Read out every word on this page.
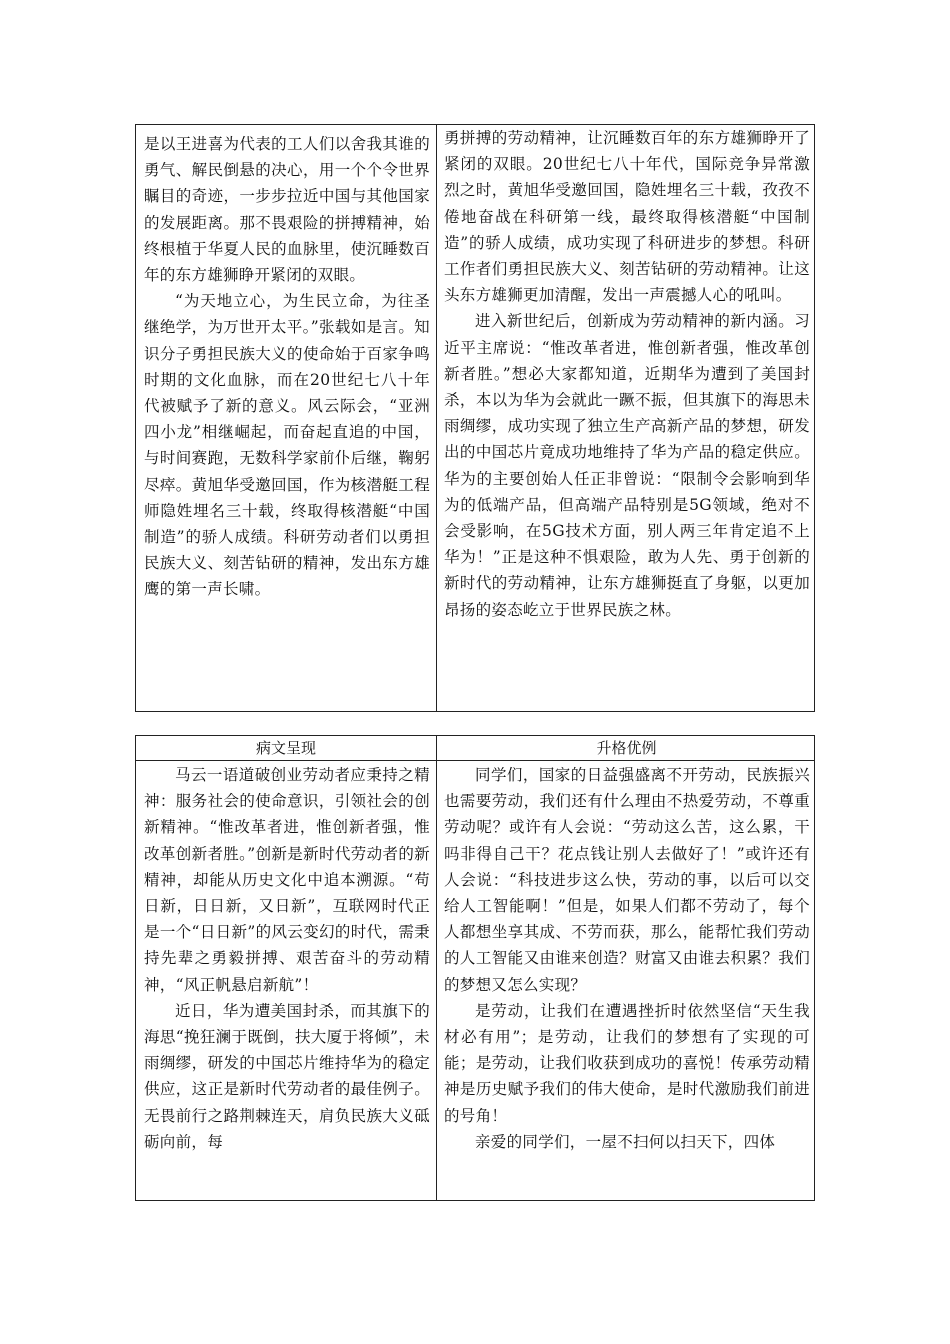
是以王进喜为代表的工人们以舍我其谁的勇气、解民倒悬的决心，用一个个令世界瞩目的奇迹，一步步拉近中国与其他国家的发展距离。那不畏艰险的拼搏精神，始终根植于华夏人民的血脉里，使沉睡数百年的东方雄狮睁开紧闭的双眼。

“为天地立心，为生民立命，为往圣继绝学，为万世开太平。”张载如是言。知识分子勇担民族大义的使命始于百家争鸣时期的文化血脉，而在20世纪七八十年代被赋予了新的意义。风云际会，“亚洲四小龙”相继崛起，而奋起直追的中国，与时间赛跑，无数科学家前仆后继，鞠躬尽瘁。黄旭华受邀回国，作为核潜艇工程师隐姓埋名三十载，终取得核潜艇“中国制造”的骄人成绩。科研劳动者们以勇担民族大义、刻苦钻研的精神，发出东方雄鹰的第一声长啸。

勇拼搏的劳动精神，让沉睡数百年的东方雄狮睁开了紧闭的双眼。20世纪七八十年代，国际竞争异常激烈之时，黄旭华受邀回国，隐姓埋名三十载，孜孜不倦地奋战在科研第一线，最终取得核潜艇“中国制造”的骄人成绩，成功实现了科研进步的梦想。科研工作者们勇担民族大义、刻苦钻研的劳动精神。让这头东方雄狮更加清醒，发出一声震撼人心的吼叫。

进入新世纪后，创新成为劳动精神的新内涵。习近平主席说：“惟改革者进，惟创新者强，惟改革创新者胜。”想必大家都知道，近期华为遭到了美国封杀，本以为华为会就此一蹶不振，但其旗下的海思未雨绸缪，成功实现了独立生产高新产品的梦想，研发出的中国芯片竟成功地维持了华为产品的稳定供应。华为的主要创始人任正非曾说：“限制令会影响到华为的低端产品，但高端产品特别是5G领域，绝对不会受影响，在5G技术方面，别人两三年肯定追不上华为！”正是这种不惧艰险，敢为人先、勇于创新的新时代的劳动精神，让东方雄狮挺直了身躯，以更加昂扬的姿态屹立于世界民族之林。

病文呈现	升格优例

马云一语道破创业劳动者应秉持之精神：服务社会的使命意识，引领社会的创新精神。“惟改革者进，惟创新者强，惟改革创新者胜。”创新是新时代劳动者的新精神，却能从历史文化中追本溯源。“苟日新，日日新，又日新”，互联网时代正是一个“日日新”的风云变幻的时代，需秉持先辈之勇毅拼搏、艰苦奋斗的劳动精神，“风正帆悬启新航”！

近日，华为遭美国封杀，而其旗下的海思“挽狂澜于既倒，扶大厦于将倾”，未雨绸缪，研发的中国芯片维持华为的稳定供应，这正是新时代劳动者的最佳例子。无畏前行之路荆棘连天，肩负民族大义砥砺向前，每

同学们，国家的日益强盛离不开劳动，民族振兴也需要劳动，我们还有什么理由不热爱劳动，不尊重劳动呢？或许有人会说：“劳动这么苦，这么累，干吗非得自己干？花点钱让别人去做好了！”或许还有人会说：“科技进步这么快，劳动的事，以后可以交给人工智能啊！”但是，如果人们都不劳动了，每个人都想坐享其成、不劳而获，那么，能帮忙我们劳动的人工智能又由谁来创造？财富又由谁去积累？我们的梦想又怎么实现？

是劳动，让我们在遭遇挫折时依然坚信“天生我材必有用”；是劳动，让我们的梦想有了实现的可能；是劳动，让我们收获到成功的喜悦！传承劳动精神是历史赋予我们的伟大使命，是时代激励我们前进的号角！

亲爱的同学们，一屋不扫何以扫天下，四体
